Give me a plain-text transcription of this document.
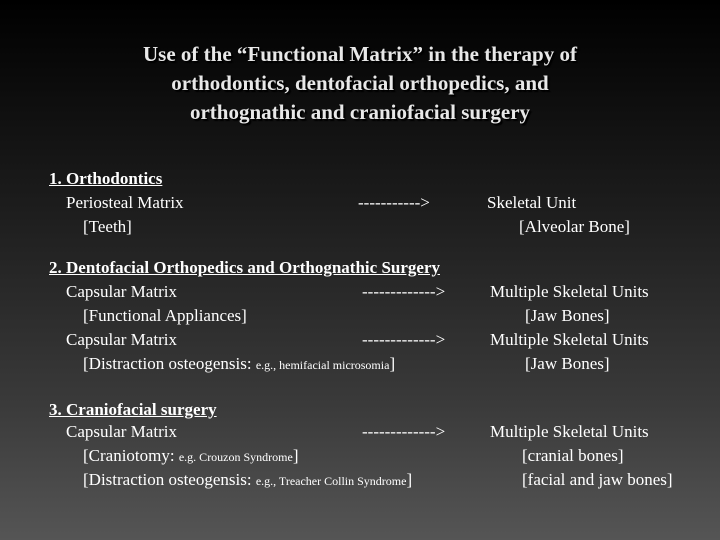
Use of the “Functional Matrix” in the therapy of
orthodontics, dentofacial orthopedics, and
orthognathic and craniofacial surgery
1. Orthodontics
Periosteal Matrix	----------->	Skeletal Unit
[Teeth]	[Alveolar Bone]
2. Dentofacial Orthopedics and Orthognathic Surgery
Capsular Matrix	------------->	Multiple Skeletal Units
[Functional Appliances]	[Jaw Bones]
Capsular Matrix	------------->	Multiple Skeletal Units
[Distraction osteogensis: e.g., hemifacial microsomia]	[Jaw Bones]
3. Craniofacial surgery
Capsular Matrix	------------->	Multiple Skeletal Units
[Craniotomy: e.g. Crouzon Syndrome]	[cranial bones]
[Distraction osteogensis: e.g., Treacher Collin Syndrome]	[facial and jaw bones]
